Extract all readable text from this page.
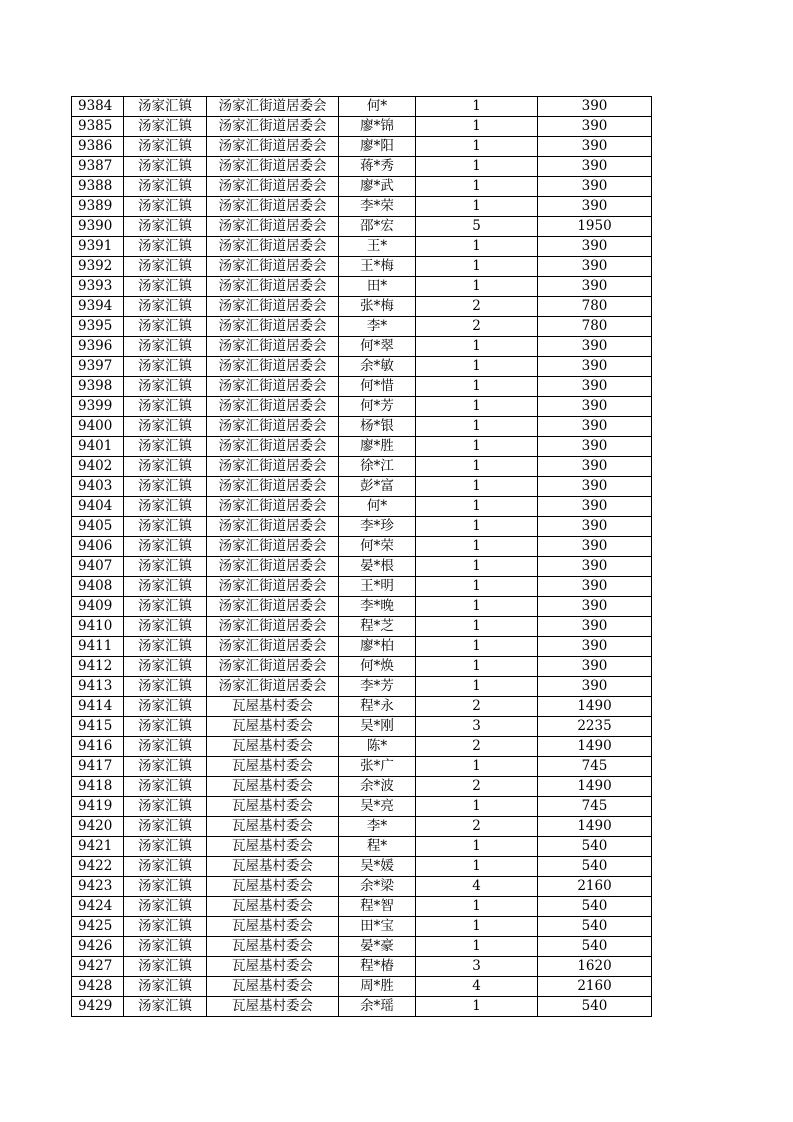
9384	汤家汇镇	汤家汇街道居委会	何*	1	390
9385	汤家汇镇	汤家汇街道居委会	廖*锦	1	390
9386	汤家汇镇	汤家汇街道居委会	廖*阳	1	390
9387	汤家汇镇	汤家汇街道居委会	蒋*秀	1	390
9388	汤家汇镇	汤家汇街道居委会	廖*武	1	390
9389	汤家汇镇	汤家汇街道居委会	李*荣	1	390
9390	汤家汇镇	汤家汇街道居委会	邵*宏	5	1950
9391	汤家汇镇	汤家汇街道居委会	王*	1	390
9392	汤家汇镇	汤家汇街道居委会	王*梅	1	390
9393	汤家汇镇	汤家汇街道居委会	田*	1	390
9394	汤家汇镇	汤家汇街道居委会	张*梅	2	780
9395	汤家汇镇	汤家汇街道居委会	李*	2	780
9396	汤家汇镇	汤家汇街道居委会	何*翠	1	390
9397	汤家汇镇	汤家汇街道居委会	余*敏	1	390
9398	汤家汇镇	汤家汇街道居委会	何*惜	1	390
9399	汤家汇镇	汤家汇街道居委会	何*芳	1	390
9400	汤家汇镇	汤家汇街道居委会	杨*银	1	390
9401	汤家汇镇	汤家汇街道居委会	廖*胜	1	390
9402	汤家汇镇	汤家汇街道居委会	徐*江	1	390
9403	汤家汇镇	汤家汇街道居委会	彭*富	1	390
9404	汤家汇镇	汤家汇街道居委会	何*	1	390
9405	汤家汇镇	汤家汇街道居委会	李*珍	1	390
9406	汤家汇镇	汤家汇街道居委会	何*荣	1	390
9407	汤家汇镇	汤家汇街道居委会	晏*根	1	390
9408	汤家汇镇	汤家汇街道居委会	王*明	1	390
9409	汤家汇镇	汤家汇街道居委会	李*晚	1	390
9410	汤家汇镇	汤家汇街道居委会	程*芝	1	390
9411	汤家汇镇	汤家汇街道居委会	廖*柏	1	390
9412	汤家汇镇	汤家汇街道居委会	何*焕	1	390
9413	汤家汇镇	汤家汇街道居委会	李*芳	1	390
9414	汤家汇镇	瓦屋基村委会	程*永	2	1490
9415	汤家汇镇	瓦屋基村委会	吴*刚	3	2235
9416	汤家汇镇	瓦屋基村委会	陈*	2	1490
9417	汤家汇镇	瓦屋基村委会	张*广	1	745
9418	汤家汇镇	瓦屋基村委会	余*波	2	1490
9419	汤家汇镇	瓦屋基村委会	吴*亮	1	745
9420	汤家汇镇	瓦屋基村委会	李*	2	1490
9421	汤家汇镇	瓦屋基村委会	程*	1	540
9422	汤家汇镇	瓦屋基村委会	吴*媛	1	540
9423	汤家汇镇	瓦屋基村委会	余*梁	4	2160
9424	汤家汇镇	瓦屋基村委会	程*智	1	540
9425	汤家汇镇	瓦屋基村委会	田*宝	1	540
9426	汤家汇镇	瓦屋基村委会	晏*豪	1	540
9427	汤家汇镇	瓦屋基村委会	程*椿	3	1620
9428	汤家汇镇	瓦屋基村委会	周*胜	4	2160
9429	汤家汇镇	瓦屋基村委会	余*瑶	1	540
